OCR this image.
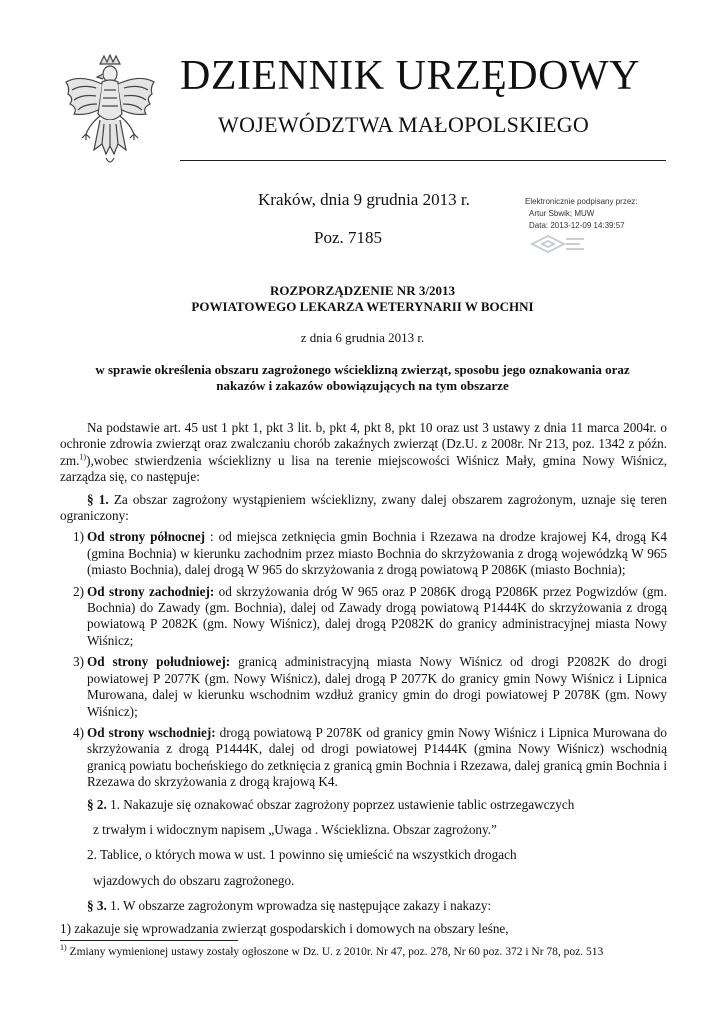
DZIENNIK URZĘDOWY
WOJEWÓDZTWA MAŁOPOLSKIEGO
Kraków, dnia 9 grudnia 2013 r.
Poz. 7185
Elektronicznie podpisany przez:
Artur Sbwik; MUW
Data: 2013-12-09 14:39:57
ROZPORZĄDZENIE NR 3/2013
POWIATOWEGO LEKARZA WETERYNARII W BOCHNI
z dnia 6 grudnia 2013 r.
w sprawie określenia obszaru zagrożonego wścieklizną zwierząt, sposobu jego oznakowania oraz
nakazów i zakazów obowiązujących na tym obszarze

Na podstawie art. 45 ust 1 pkt 1, pkt 3 lit. b, pkt 4, pkt 8, pkt 10 oraz ust 3 ustawy z dnia 11 marca 2004r. o ochronie zdrowia zwierząt oraz zwalczaniu chorób zakaźnych zwierząt (Dz.U. z 2008r. Nr 213, poz. 1342 z późn. zm.$^{1)}$),wobec stwierdzenia wścieklizny u lisa na terenie miejscowości Wiśnicz Mały, gmina Nowy Wiśnicz, zarządza się, co następuje:

§ 1. Za obszar zagrożony wystąpieniem wścieklizny, zwany dalej obszarem zagrożonym, uznaje się teren ograniczony:

1) Od strony północnej : od miejsca zetknięcia gmin Bochnia i Rzezawa na drodze krajowej K4, drogą K4 (gmina Bochnia) w kierunku zachodnim przez miasto Bochnia do skrzyżowania z drogą wojewódzką W 965 (miasto Bochnia), dalej drogą W 965 do skrzyżowania z drogą powiatową P 2086K (miasto Bochnia);

2) Od strony zachodniej: od skrzyżowania dróg W 965 oraz P 2086K drogą P2086K przez Pogwizdów (gm. Bochnia) do Zawady (gm. Bochnia), dalej od Zawady drogą powiatową P1444K do skrzyżowania z drogą powiatową P 2082K (gm. Nowy Wiśnicz), dalej drogą P2082K do granicy administracyjnej miasta Nowy Wiśnicz;

3) Od strony południowej: granicą administracyjną miasta Nowy Wiśnicz od drogi P2082K do drogi powiatowej P 2077K (gm. Nowy Wiśnicz), dalej drogą P 2077K do granicy gmin Nowy Wiśnicz i Lipnica Murowana, dalej w kierunku wschodnim wzdłuż granicy gmin do drogi powiatowej P 2078K (gm. Nowy Wiśnicz);

4) Od strony wschodniej: drogą powiatową P 2078K od granicy gmin Nowy Wiśnicz i Lipnica Murowana do skrzyżowania z drogą P1444K, dalej od drogi powiatowej P1444K (gmina Nowy Wiśnicz) wschodnią granicą powiatu bocheńskiego do zetknięcia z granicą gmin Bochnia i Rzezawa, dalej granicą gmin Bochnia i Rzezawa do skrzyżowania z drogą krajową K4.

§ 2. 1. Nakazuje się oznakować obszar zagrożony poprzez ustawienie tablic ostrzegawczych

z trwałym i widocznym napisem „Uwaga . Wścieklizna. Obszar zagrożony.”

2. Tablice, o których mowa w ust. 1 powinno się umieścić na wszystkich drogach

wjazdowych do obszaru zagrożonego.

§ 3. 1. W obszarze zagrożonym wprowadza się następujące zakazy i nakazy:

1) zakazuje się wprowadzania zwierząt gospodarskich i domowych na obszary leśne,

$^{1)}$ Zmiany wymienionej ustawy zostały ogłoszone w Dz. U. z 2010r. Nr 47, poz. 278, Nr 60 poz. 372 i Nr 78, poz. 513
